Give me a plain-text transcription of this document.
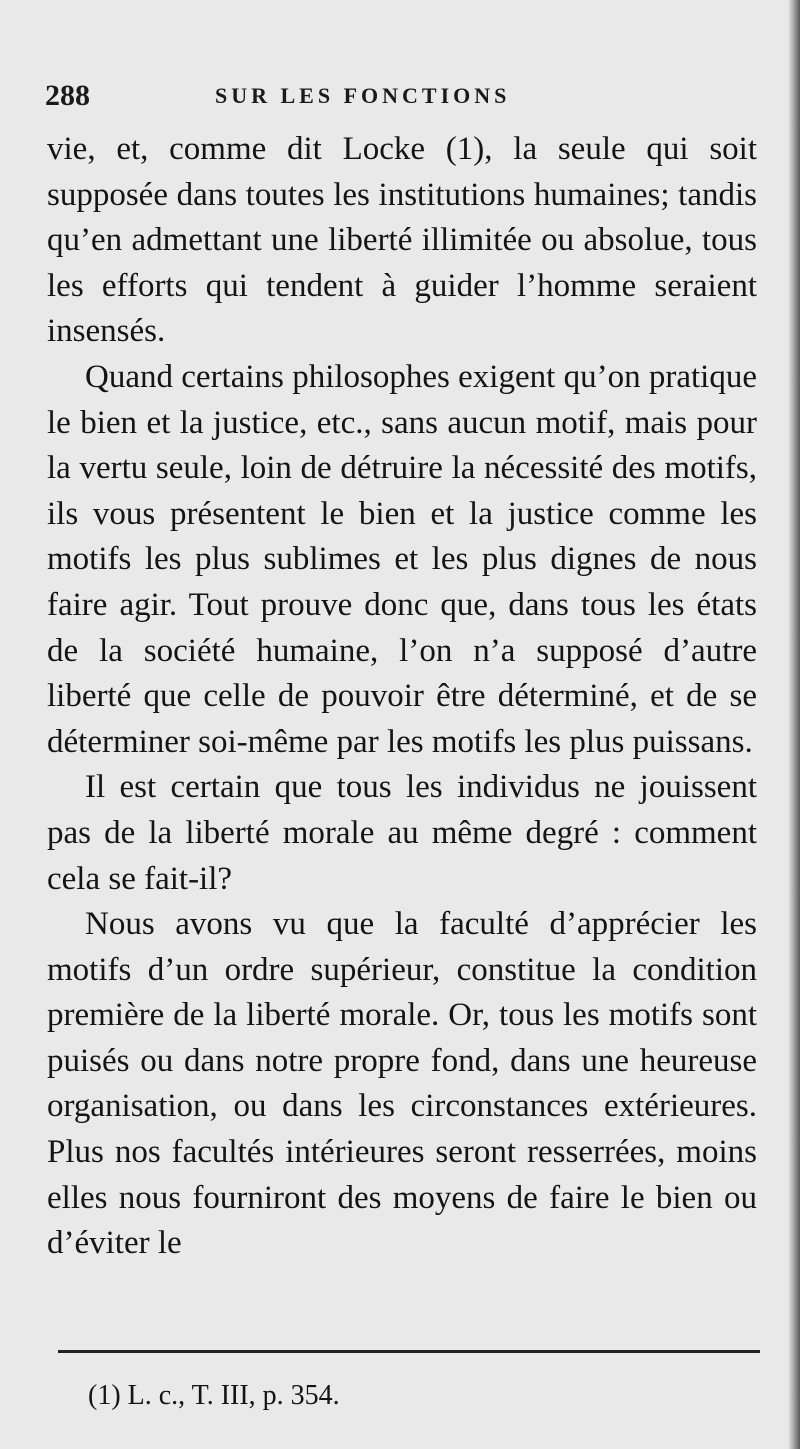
288	SUR LES FONCTIONS

vie, et, comme dit Locke (1), la seule qui soit supposée dans toutes les institutions humaines; tandis qu’en admettant une liberté illimitée ou absolue, tous les efforts qui tendent à guider l’homme seraient insensés.

Quand certains philosophes exigent qu’on pratique le bien et la justice, etc., sans aucun motif, mais pour la vertu seule, loin de détruire la nécessité des motifs, ils vous présentent le bien et la justice comme les motifs les plus sublimes et les plus dignes de nous faire agir. Tout prouve donc que, dans tous les états de la société humaine, l’on n’a supposé d’autre liberté que celle de pouvoir être déterminé, et de se déterminer soi-même par les motifs les plus puissans.

Il est certain que tous les individus ne jouissent pas de la liberté morale au même degré : comment cela se fait-il?

Nous avons vu que la faculté d’apprécier les motifs d’un ordre supérieur, constitue la condition première de la liberté morale. Or, tous les motifs sont puisés ou dans notre propre fond, dans une heureuse organisation, ou dans les circonstances extérieures. Plus nos facultés intérieures seront resserrées, moins elles nous fourniront des moyens de faire le bien ou d’éviter le

(1) L. c., T. III, p. 354.
